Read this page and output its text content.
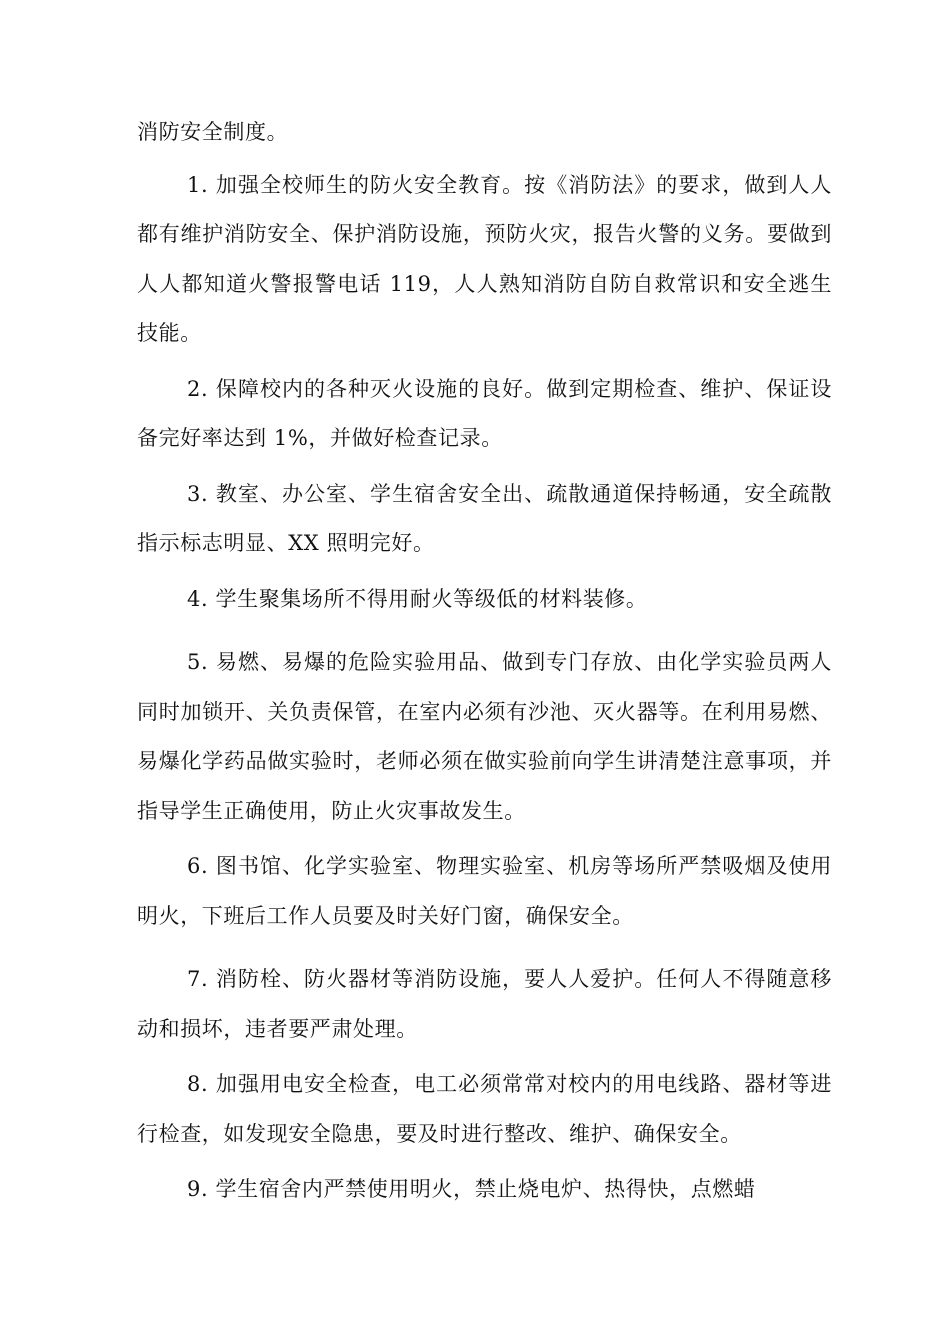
消防安全制度。

1. 加强全校师生的防火安全教育。按《消防法》的要求，做到人人都有维护消防安全、保护消防设施，预防火灾，报告火警的义务。要做到人人都知道火警报警电话 119，人人熟知消防自防自救常识和安全逃生技能。

2. 保障校内的各种灭火设施的良好。做到定期检查、维护、保证设备完好率达到 1%，并做好检查记录。

3. 教室、办公室、学生宿舍安全出、疏散通道保持畅通，安全疏散指示标志明显、XX 照明完好。

4. 学生聚集场所不得用耐火等级低的材料装修。

5. 易燃、易爆的危险实验用品、做到专门存放、由化学实验员两人同时加锁开、关负责保管，在室内必须有沙池、灭火器等。在利用易燃、易爆化学药品做实验时，老师必须在做实验前向学生讲清楚注意事项，并指导学生正确使用，防止火灾事故发生。

6. 图书馆、化学实验室、物理实验室、机房等场所严禁吸烟及使用明火，下班后工作人员要及时关好门窗，确保安全。

7. 消防栓、防火器材等消防设施，要人人爱护。任何人不得随意移动和损坏，违者要严肃处理。

8. 加强用电安全检查，电工必须常常对校内的用电线路、器材等进行检查，如发现安全隐患，要及时进行整改、维护、确保安全。

9. 学生宿舍内严禁使用明火，禁止烧电炉、热得快，点燃蜡
